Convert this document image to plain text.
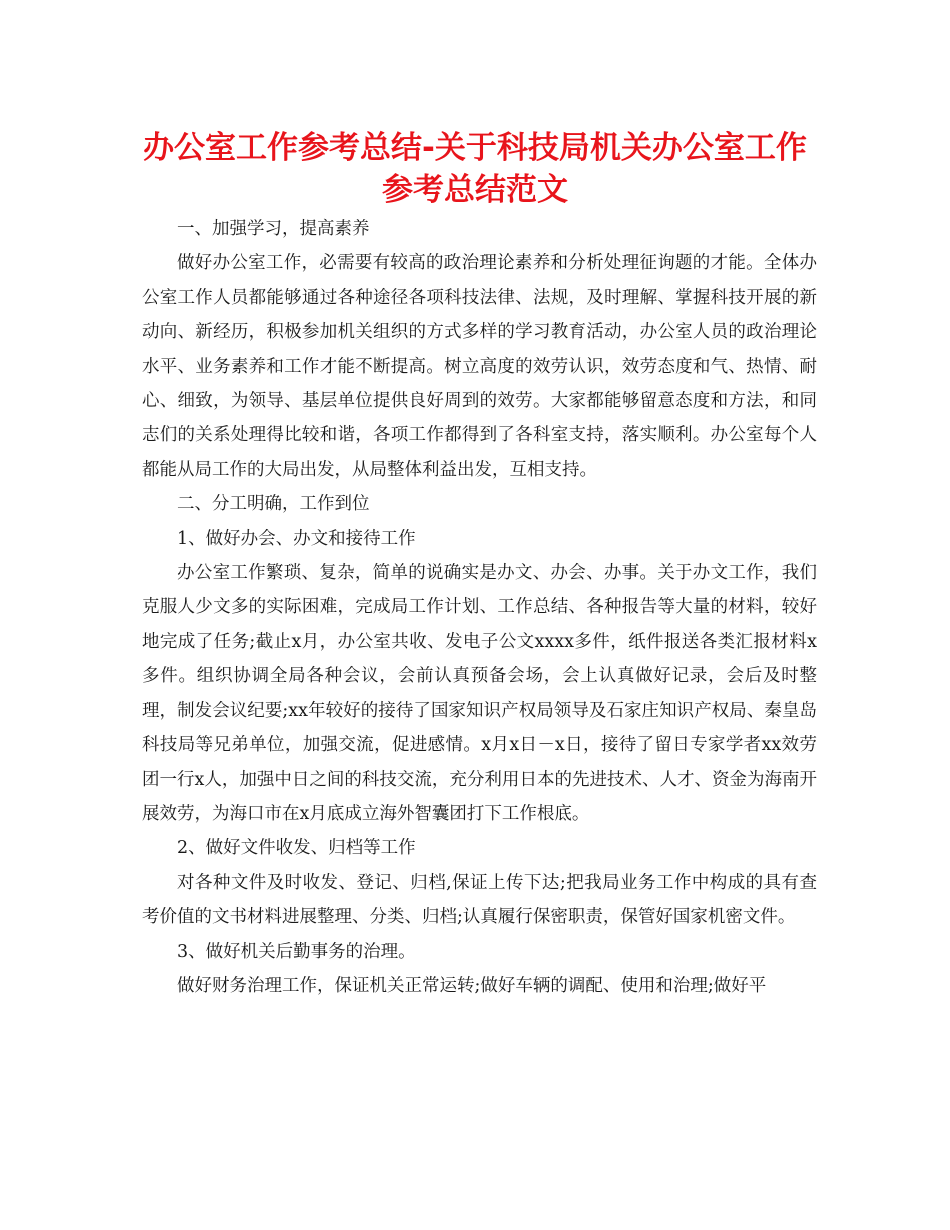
办公室工作参考总结-关于科技局机关办公室工作
参考总结范文

一、加强学习，提高素养

做好办公室工作，必需要有较高的政治理论素养和分析处理征询题的才能。全体办公室工作人员都能够通过各种途径各项科技法律、法规，及时理解、掌握科技开展的新动向、新经历，积极参加机关组织的方式多样的学习教育活动，办公室人员的政治理论水平、业务素养和工作才能不断提高。树立高度的效劳认识，效劳态度和气、热情、耐心、细致，为领导、基层单位提供良好周到的效劳。大家都能够留意态度和方法，和同志们的关系处理得比较和谐，各项工作都得到了各科室支持，落实顺利。办公室每个人都能从局工作的大局出发，从局整体利益出发，互相支持。

二、分工明确，工作到位

1、做好办会、办文和接待工作

办公室工作繁琐、复杂，简单的说确实是办文、办会、办事。关于办文工作，我们克服人少文多的实际困难，完成局工作计划、工作总结、各种报告等大量的材料，较好地完成了任务;截止x月，办公室共收、发电子公文xxxx多件，纸件报送各类汇报材料x多件。组织协调全局各种会议，会前认真预备会场，会上认真做好记录，会后及时整理，制发会议纪要;xx年较好的接待了国家知识产权局领导及石家庄知识产权局、秦皇岛科技局等兄弟单位，加强交流，促进感情。x月x日－x日，接待了留日专家学者xx效劳团一行x人，加强中日之间的科技交流，充分利用日本的先进技术、人才、资金为海南开展效劳，为海口市在x月底成立海外智囊团打下工作根底。

2、做好文件收发、归档等工作

对各种文件及时收发、登记、归档,保证上传下达;把我局业务工作中构成的具有查考价值的文书材料进展整理、分类、归档;认真履行保密职责，保管好国家机密文件。

3、做好机关后勤事务的治理。

做好财务治理工作，保证机关正常运转;做好车辆的调配、使用和治理;做好平
